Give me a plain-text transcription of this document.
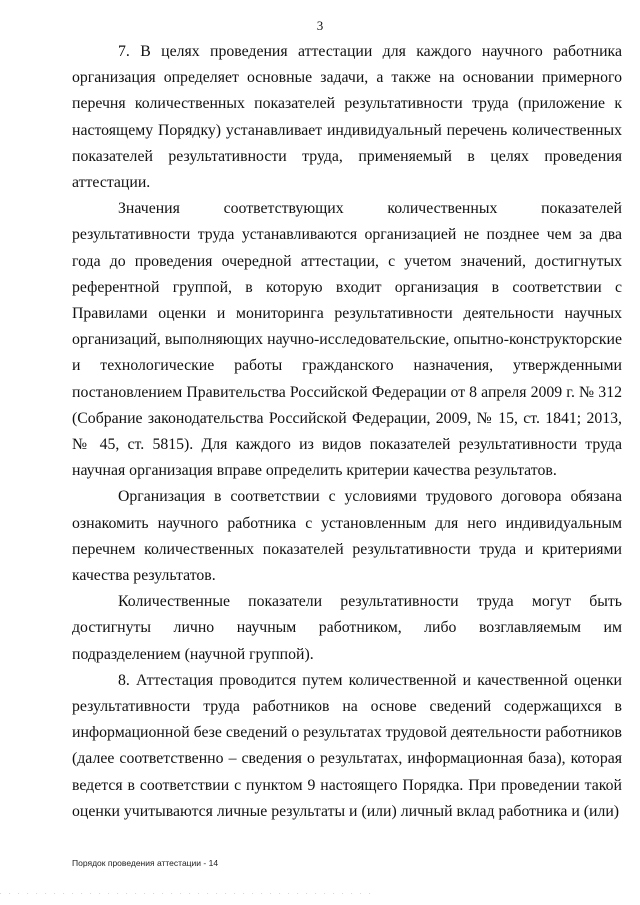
3

7. В целях проведения аттестации для каждого научного работника организация определяет основные задачи, а также на основании примерного перечня количественных показателей результативности труда (приложение к настоящему Порядку) устанавливает индивидуальный перечень количественных показателей результативности труда, применяемый в целях проведения аттестации.

Значения соответствующих количественных показателей результативности труда устанавливаются организацией не позднее чем за два года до проведения очередной аттестации, с учетом значений, достигнутых референтной группой, в которую входит организация в соответствии с Правилами оценки и мониторинга результативности деятельности научных организаций, выполняющих научно-исследовательские, опытно-конструкторские и технологические работы гражданского назначения, утвержденными постановлением Правительства Российской Федерации от 8 апреля 2009 г. № 312 (Собрание законодательства Российской Федерации, 2009, № 15, ст. 1841; 2013, № 45, ст. 5815). Для каждого из видов показателей результативности труда научная организация вправе определить критерии качества результатов.

Организация в соответствии с условиями трудового договора обязана ознакомить научного работника с установленным для него индивидуальным перечнем количественных показателей результативности труда и критериями качества результатов.

Количественные показатели результативности труда могут быть достигнуты лично научным работником, либо возглавляемым им подразделением (научной группой).

8. Аттестация проводится путем количественной и качественной оценки результативности труда работников на основе сведений содержащихся в информационной безе сведений о результатах трудовой деятельности работников (далее соответственно – сведения о результатах, информационная база), которая ведется в соответствии с пунктом 9 настоящего Порядка. При проведении такой оценки учитываются личные результаты и (или) личный вклад работника и (или)

Порядок проведения аттестации - 14
. . . . . . . . . . . . . . . . . . . . . . . . . . . . . . . . . . . . . . . . . .
